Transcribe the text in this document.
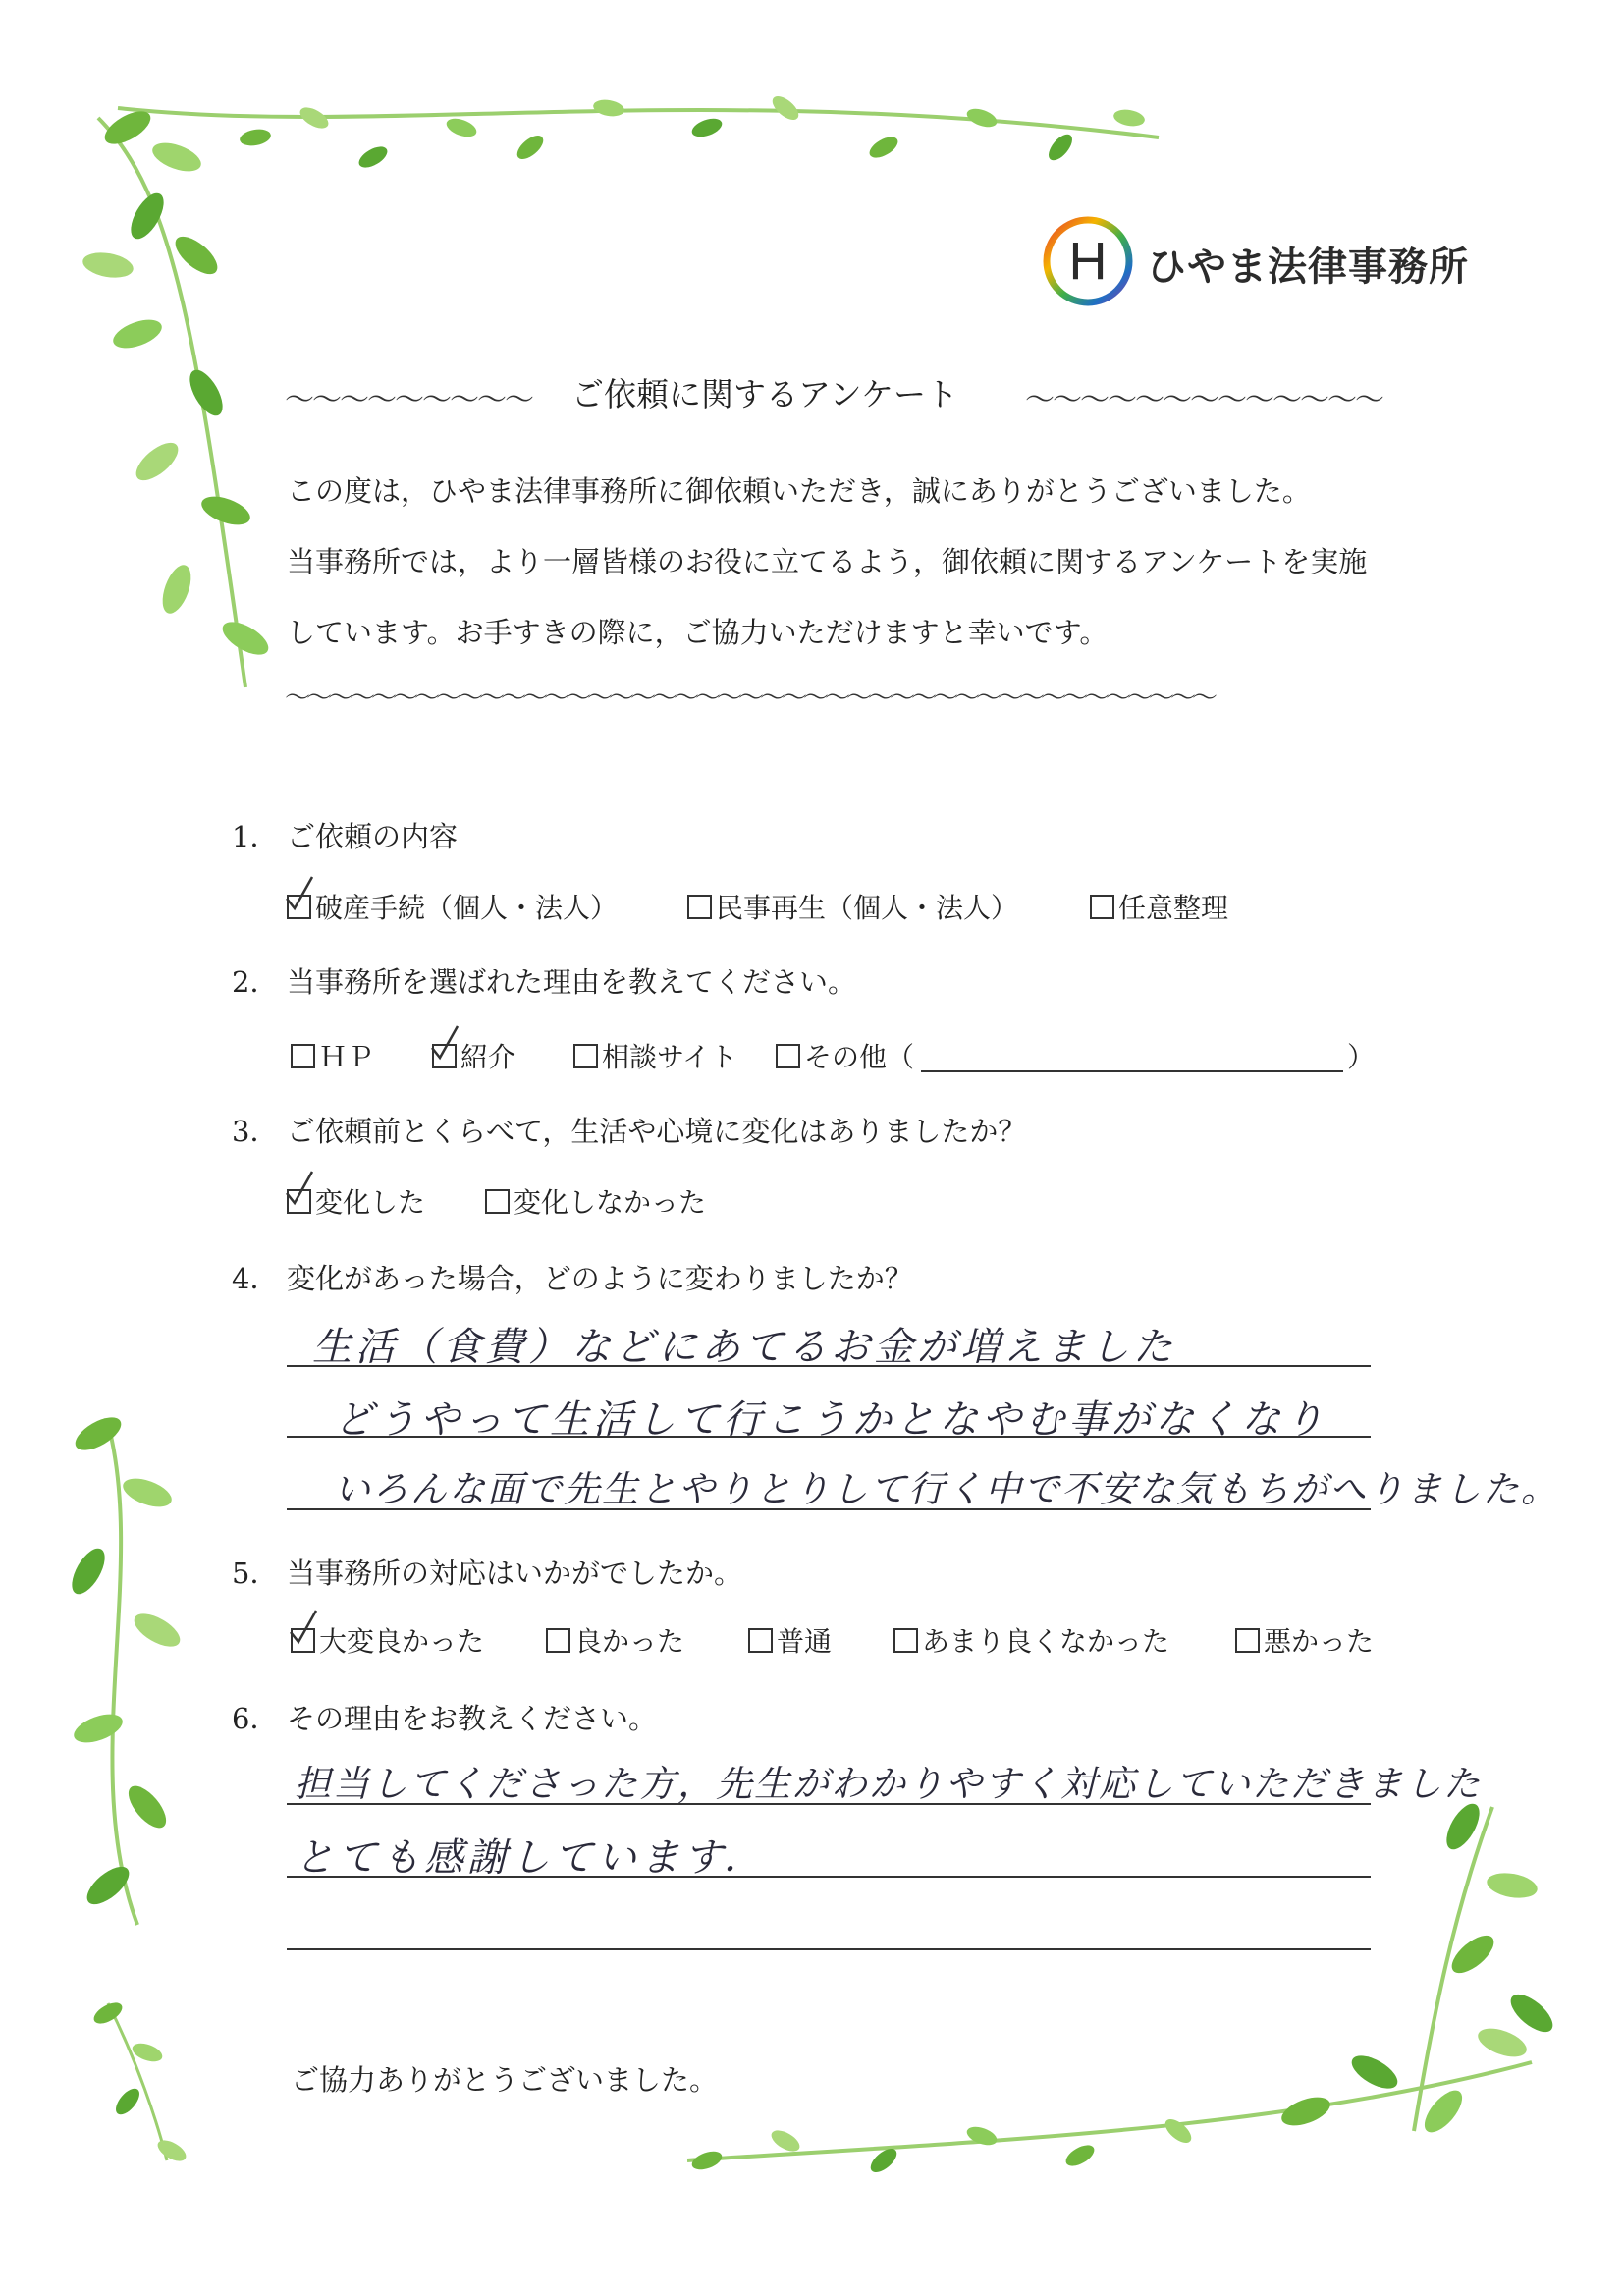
H ひやま法律事務所
～～～～～～～～～ ご依頼に関するアンケート ～～～～～～～～～～～～～
この度は，ひやま法律事務所に御依頼いただき，誠にありがとうございました。
当事務所では，より一層皆様のお役に立てるよう，御依頼に関するアンケートを実施
しています。お手すきの際に，ご協力いただけますと幸いです。
～～～～～～～～～～～～～～～～～～～～～～～～～～～～～～～～～～～～～～～～～～～
1． ご依頼の内容
破産手続（個人・法人）	民事再生（個人・法人）	任意整理
2． 当事務所を選ばれた理由を教えてください。
ＨＰ	紹介	相談サイト	その他（	）
3． ご依頼前とくらべて，生活や心境に変化はありましたか？
変化した	変化しなかった
4． 変化があった場合，どのように変わりましたか？
生活（食費）などにあてるお金が増えました
どうやって生活して行こうかとなやむ事がなくなり
いろんな面で先生とやりとりして行く中で不安な気もちがへりました。
5． 当事務所の対応はいかがでしたか。
大変良かった	良かった	普通	あまり良くなかった	悪かった
6． その理由をお教えください。
担当してくださった方，先生がわかりやすく対応していただきました
とても感謝しています．
ご協力ありがとうございました。
